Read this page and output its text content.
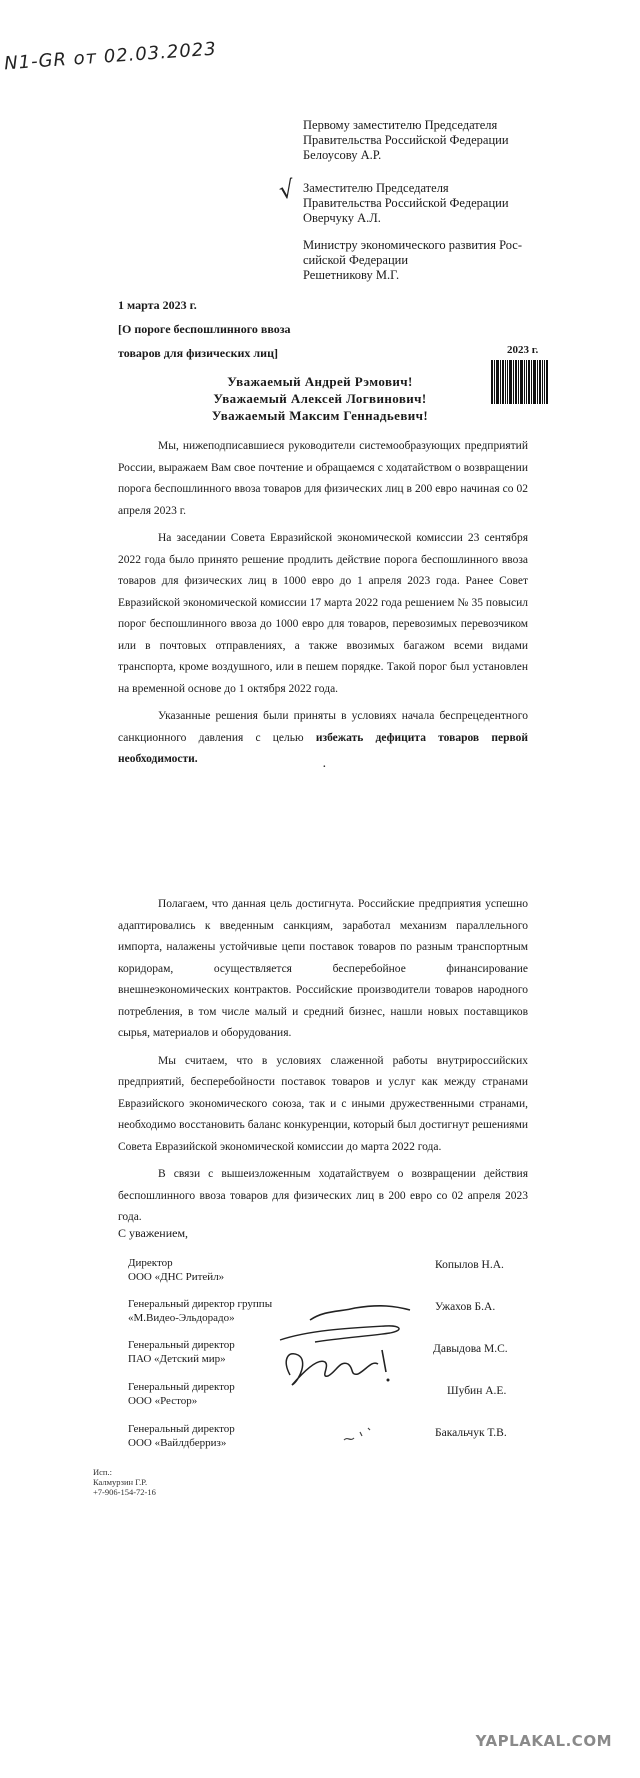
N1-GR от 02.03.2023
Первому заместителю Председателя
Правительства Российской Федерации
Белоусову А.Р.
√ Заместителю Председателя
Правительства Российской Федерации
Оверчуку А.Л.
Министру экономического развития Рос-
сийской Федерации
Решетникову М.Г.
1 марта 2023 г.
[О пороге беспошлинного ввоза
товаров для физических лиц]	2023 г.
Уважаемый Андрей Рэмович!
Уважаемый Алексей Логвинович!
Уважаемый Максим Геннадьевич!

Мы, нижеподписавшиеся руководители системообразующих предприятий России, выражаем Вам свое почтение и обращаемся с ходатайством о возвращении порога беспошлинного ввоза товаров для физических лиц в 200 евро начиная со 02 апреля 2023 г.

На заседании Совета Евразийской экономической комиссии 23 сентября 2022 года было принято решение продлить действие порога беспошлинного ввоза товаров для физических лиц в 1000 евро до 1 апреля 2023 года. Ранее Совет Евразийской экономической комиссии 17 марта 2022 года решением № 35 повысил порог беспошлинного ввоза до 1000 евро для товаров, перевозимых перевозчиком или в почтовых отправлениях, а также ввозимых багажом всеми видами транспорта, кроме воздушного, или в пешем порядке. Такой порог был установлен на временной основе до 1 октября 2022 года.

Указанные решения были приняты в условиях начала беспрецедентного санкционного давления с целью избежать дефицита товаров первой необходимости.

·

Полагаем, что данная цель достигнута. Российские предприятия успешно адаптировались к введенным санкциям, заработал механизм параллельного импорта, налажены устойчивые цепи поставок товаров по разным транспортным коридорам, осуществляется бесперебойное финансирование внешнеэкономических контрактов. Российские производители товаров народного потребления, в том числе малый и средний бизнес, нашли новых поставщиков сырья, материалов и оборудования.

Мы считаем, что в условиях слаженной работы внутрироссийских предприятий, бесперебойности поставок товаров и услуг как между странами Евразийского экономического союза, так и с иными дружественными странами, необходимо восстановить баланс конкуренции, который был достигнут решениями Совета Евразийской экономической комиссии до марта 2022 года.

В связи с вышеизложенным ходатайствуем о возвращении действия беспошлинного ввоза товаров для физических лиц в 200 евро со 02 апреля 2023 года.

С уважением,
Директор
ООО «ДНС Ритейл»
Копылов Н.А.
Генеральный директор группы
«М.Видео-Эльдорадо»
Ужахов Б.А.
Генеральный директор
ПАО «Детский мир»
Давыдова М.С.
Генеральный директор
ООО «Рестор»
Шубин А.Е.
Генеральный директор
ООО «Вайлдберриз»
Бакальчук Т.В.
Исп.:
Калмурзин Г.Р.
+7-906-154-72-16
YAPLAKAL.COM
